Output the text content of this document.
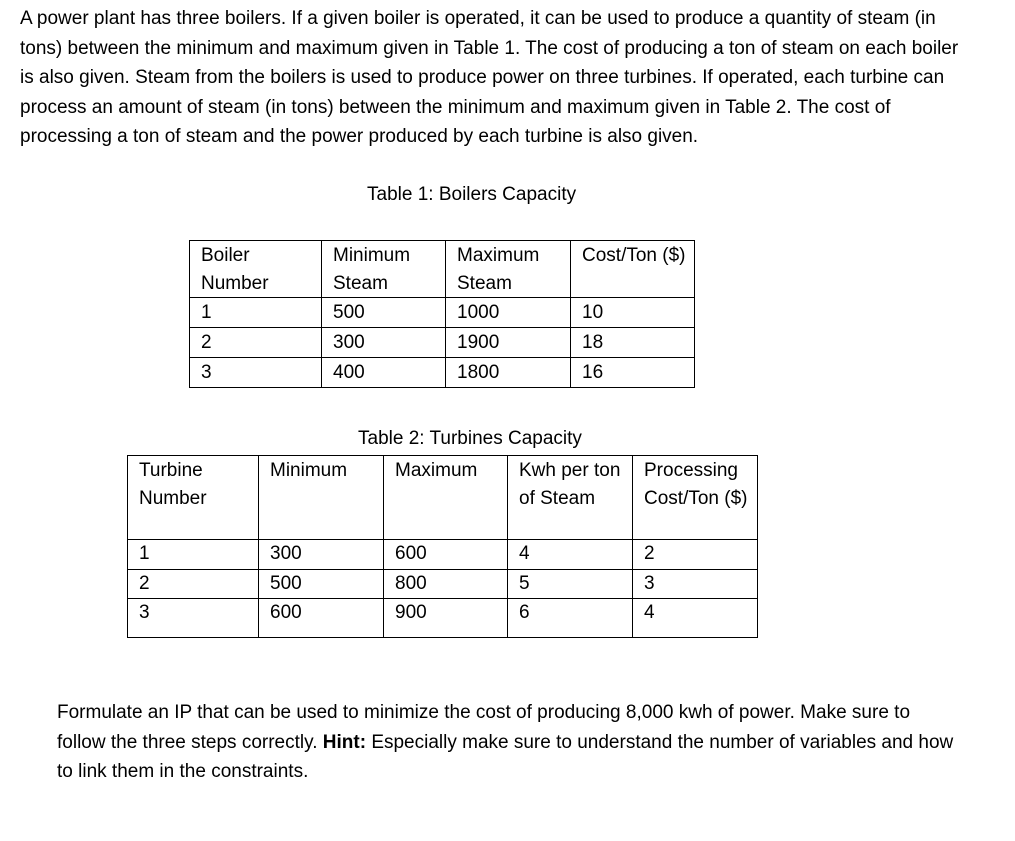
A power plant has three boilers. If a given boiler is operated, it can be used to produce a quantity of steam (in tons) between the minimum and maximum given in Table 1. The cost of producing a ton of steam on each boiler is also given. Steam from the boilers is used to produce power on three turbines. If operated, each turbine can process an amount of steam (in tons) between the minimum and maximum given in Table 2. The cost of processing a ton of steam and the power produced by each turbine is also given.

Table 1: Boilers Capacity

Boiler Number	Minimum Steam	Maximum Steam	Cost/Ton ($)
1	500	1000	10
2	300	1900	18
3	400	1800	16

Table 2: Turbines Capacity

Turbine Number	Minimum	Maximum	Kwh per ton of Steam	Processing Cost/Ton ($)
1	300	600	4	2
2	500	800	5	3
3	600	900	6	4

Formulate an IP that can be used to minimize the cost of producing 8,000 kwh of power. Make sure to follow the three steps correctly. Hint: Especially make sure to understand the number of variables and how to link them in the constraints.
